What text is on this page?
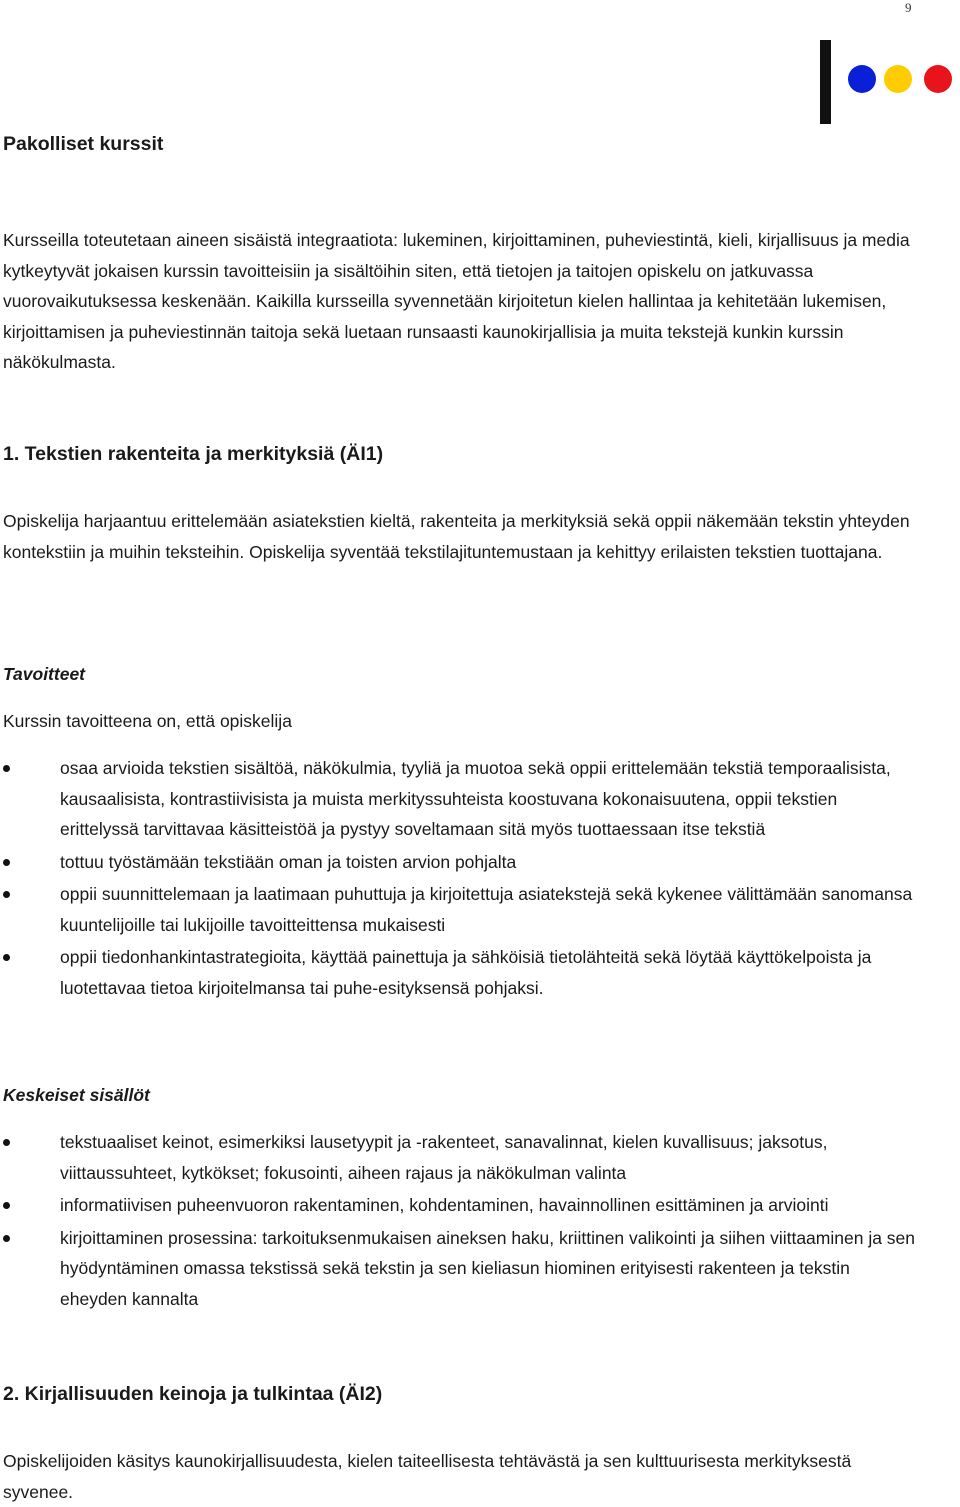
9
Pakolliset kurssit
Kursseilla toteutetaan aineen sisäistä integraatiota: lukeminen, kirjoittaminen, puheviestintä, kieli, kirjallisuus ja media kytkeytyvät jokaisen kurssin tavoitteisiin ja sisältöihin siten, että tietojen ja taitojen opiskelu on jatkuvassa vuorovaikutuksessa keskenään. Kaikilla kursseilla syvennetään kirjoitetun kielen hallintaa ja kehitetään lukemisen, kirjoittamisen ja puheviestinnän taitoja sekä luetaan runsaasti kaunokirjallisia ja muita tekstejä kunkin kurssin näkökulmasta.
1. Tekstien rakenteita ja merkityksiä (ÄI1)
Opiskelija harjaantuu erittelemään asiatekstien kieltä, rakenteita ja merkityksiä sekä oppii näkemään tekstin yhteyden kontekstiin ja muihin teksteihin. Opiskelija syventää tekstilajituntemustaan ja kehittyy erilaisten tekstien tuottajana.
Tavoitteet
Kurssin tavoitteena on, että opiskelija
osaa arvioida tekstien sisältöä, näkökulmia, tyyliä ja muotoa sekä oppii erittelemään tekstiä temporaalisista, kausaalisista, kontrastiivisista ja muista merkityssuhteista koostuvana kokonaisuutena, oppii tekstien erittelyssä tarvittavaa käsitteistöä ja pystyy soveltamaan sitä myös tuottaessaan itse tekstiä
tottuu työstämään tekstiään oman ja toisten arvion pohjalta
oppii suunnittelemaan ja laatimaan puhuttuja ja kirjoitettuja asiatekstejä sekä kykenee välittämään sanomansa kuuntelijoille tai lukijoille tavoitteittensa mukaisesti
oppii tiedonhankintastrategioita, käyttää painettuja ja sähköisiä tietolähteitä sekä löytää käyttökelpoista ja luotettavaa tietoa kirjoitelmansa tai puhe-esityksensä pohjaksi.
Keskeiset sisällöt
tekstuaaliset keinot, esimerkiksi lausetyypit ja -rakenteet, sanavalinnat, kielen kuvallisuus; jaksotus, viittaussuhteet, kytkökset; fokusointi, aiheen rajaus ja näkökulman valinta
informatiivisen puheenvuoron rakentaminen, kohdentaminen, havainnollinen esittäminen ja arviointi
kirjoittaminen prosessina: tarkoituksenmukaisen aineksen haku, kriittinen valikointi ja siihen viittaaminen ja sen hyödyntäminen omassa tekstissä sekä tekstin ja sen kieliasun hiominen erityisesti rakenteen ja tekstin eheyden kannalta
2. Kirjallisuuden keinoja ja tulkintaa (ÄI2)
Opiskelijoiden käsitys kaunokirjallisuudesta, kielen taiteellisesta tehtävästä ja sen kulttuurisesta merkityksestä syvenee.
